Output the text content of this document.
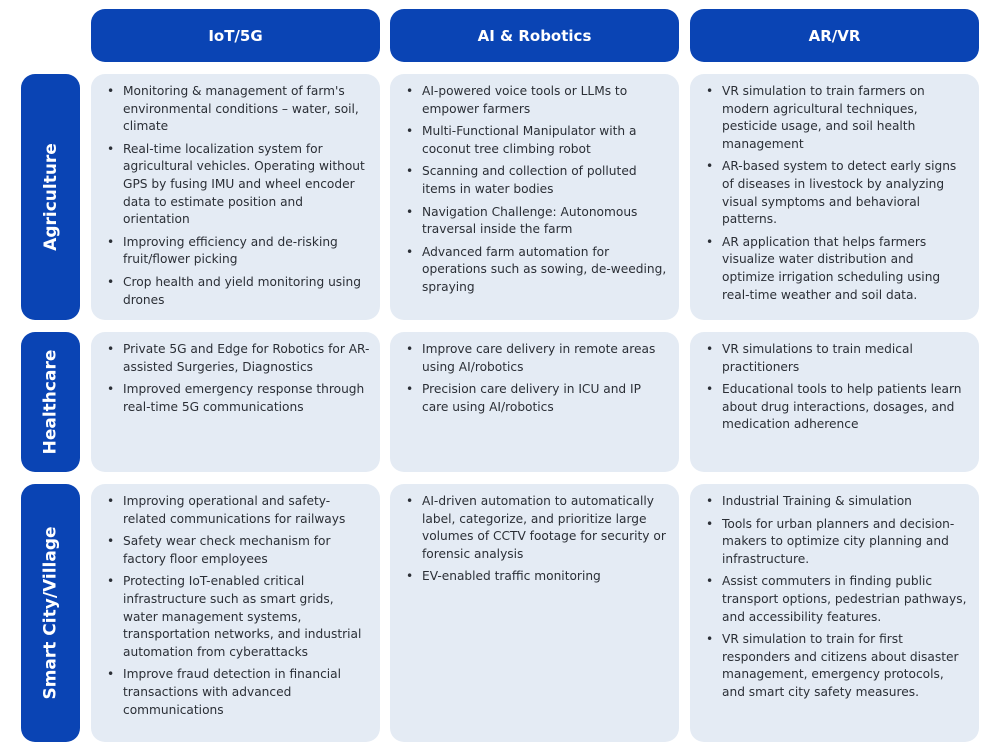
IoT/5G	AI & Robotics	AR/VR
Agriculture
Healthcare
Smart City/Village
• Monitoring & management of farm's environmental conditions – water, soil, climate
• Real-time localization system for agricultural vehicles. Operating without GPS by fusing IMU and wheel encoder data to estimate position and orientation
• Improving efficiency and de-risking fruit/flower picking
• Crop health and yield monitoring using drones
• AI-powered voice tools or LLMs to empower farmers
• Multi-Functional Manipulator with a coconut tree climbing robot
• Scanning and collection of polluted items in water bodies
• Navigation Challenge: Autonomous traversal inside the farm
• Advanced farm automation for operations such as sowing, de-weeding, spraying
• VR simulation to train farmers on modern agricultural techniques, pesticide usage, and soil health management
• AR-based system to detect early signs of diseases in livestock by analyzing visual symptoms and behavioral patterns.
• AR application that helps farmers visualize water distribution and optimize irrigation scheduling using real-time weather and soil data.
• Private 5G and Edge for Robotics for AR-assisted Surgeries, Diagnostics
• Improved emergency response through real-time 5G communications
• Improve care delivery in remote areas using AI/robotics
• Precision care delivery in ICU and IP care using AI/robotics
• VR simulations to train medical practitioners
• Educational tools to help patients learn about drug interactions, dosages, and medication adherence
• Improving operational and safety-related communications for railways
• Safety wear check mechanism for factory floor employees
• Protecting IoT-enabled critical infrastructure such as smart grids, water management systems, transportation networks, and industrial automation from cyberattacks
• Improve fraud detection in financial transactions with advanced communications
• AI-driven automation to automatically label, categorize, and prioritize large volumes of CCTV footage for security or forensic analysis
• EV-enabled traffic monitoring
• Industrial Training & simulation
• Tools for urban planners and decision-makers to optimize city planning and infrastructure.
• Assist commuters in finding public transport options, pedestrian pathways, and accessibility features.
• VR simulation to train for first responders and citizens about disaster management, emergency protocols, and smart city safety measures.
